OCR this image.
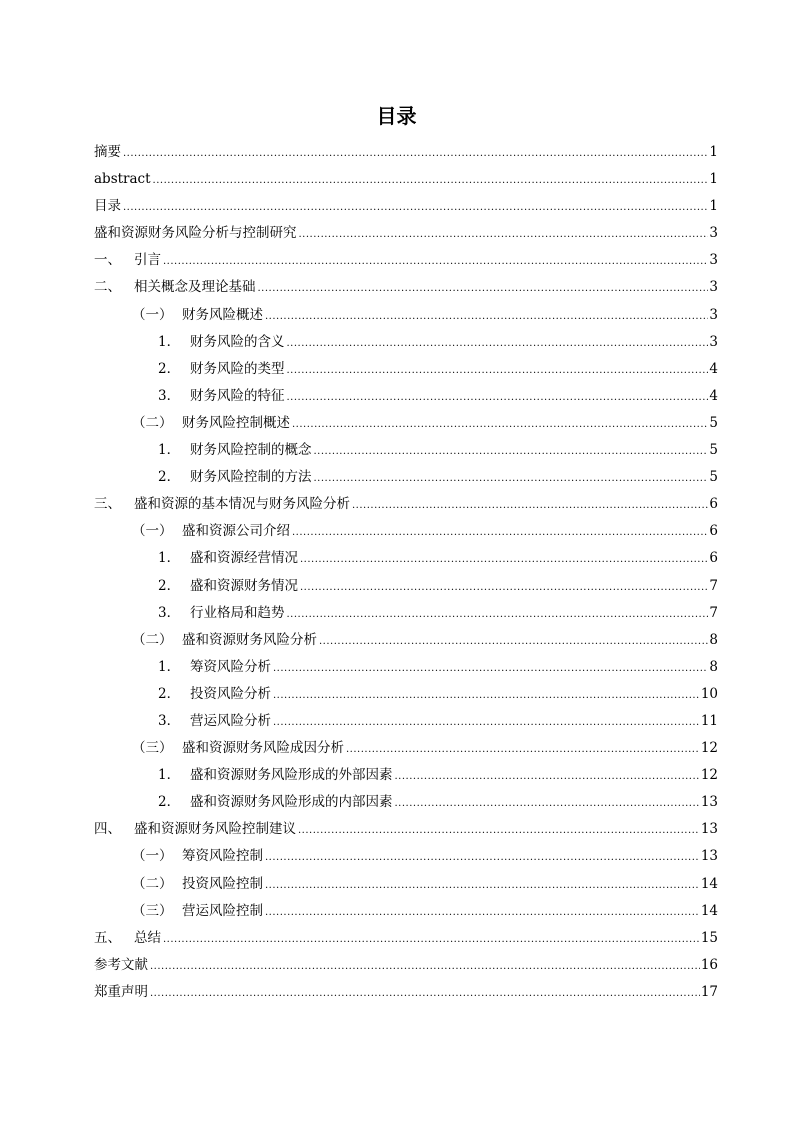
目录
摘要 .....	1
abstract .....	1
目录 .....	1
盛和资源财务风险分析与控制研究 .....	3
一、 引言 .....	3
二、 相关概念及理论基础 .....	3
（一） 财务风险概述 .....	3
1． 财务风险的含义 .....	3
2． 财务风险的类型 .....	4
3． 财务风险的特征 .....	4
（二） 财务风险控制概述 .....	5
1． 财务风险控制的概念 .....	5
2． 财务风险控制的方法 .....	5
三、 盛和资源的基本情况与财务风险分析 .....	6
（一） 盛和资源公司介绍 .....	6
1． 盛和资源经营情况 .....	6
2． 盛和资源财务情况 .....	7
3． 行业格局和趋势 .....	7
（二） 盛和资源财务风险分析 .....	8
1． 筹资风险分析 .....	8
2． 投资风险分析 .....	10
3． 营运风险分析 .....	11
（三） 盛和资源财务风险成因分析 .....	12
1． 盛和资源财务风险形成的外部因素 .....	12
2． 盛和资源财务风险形成的内部因素 .....	13
四、 盛和资源财务风险控制建议 .....	13
（一） 筹资风险控制 .....	13
（二） 投资风险控制 .....	14
（三） 营运风险控制 .....	14
五、 总结 .....	15
参考文献 .....	16
郑重声明 .....	17
